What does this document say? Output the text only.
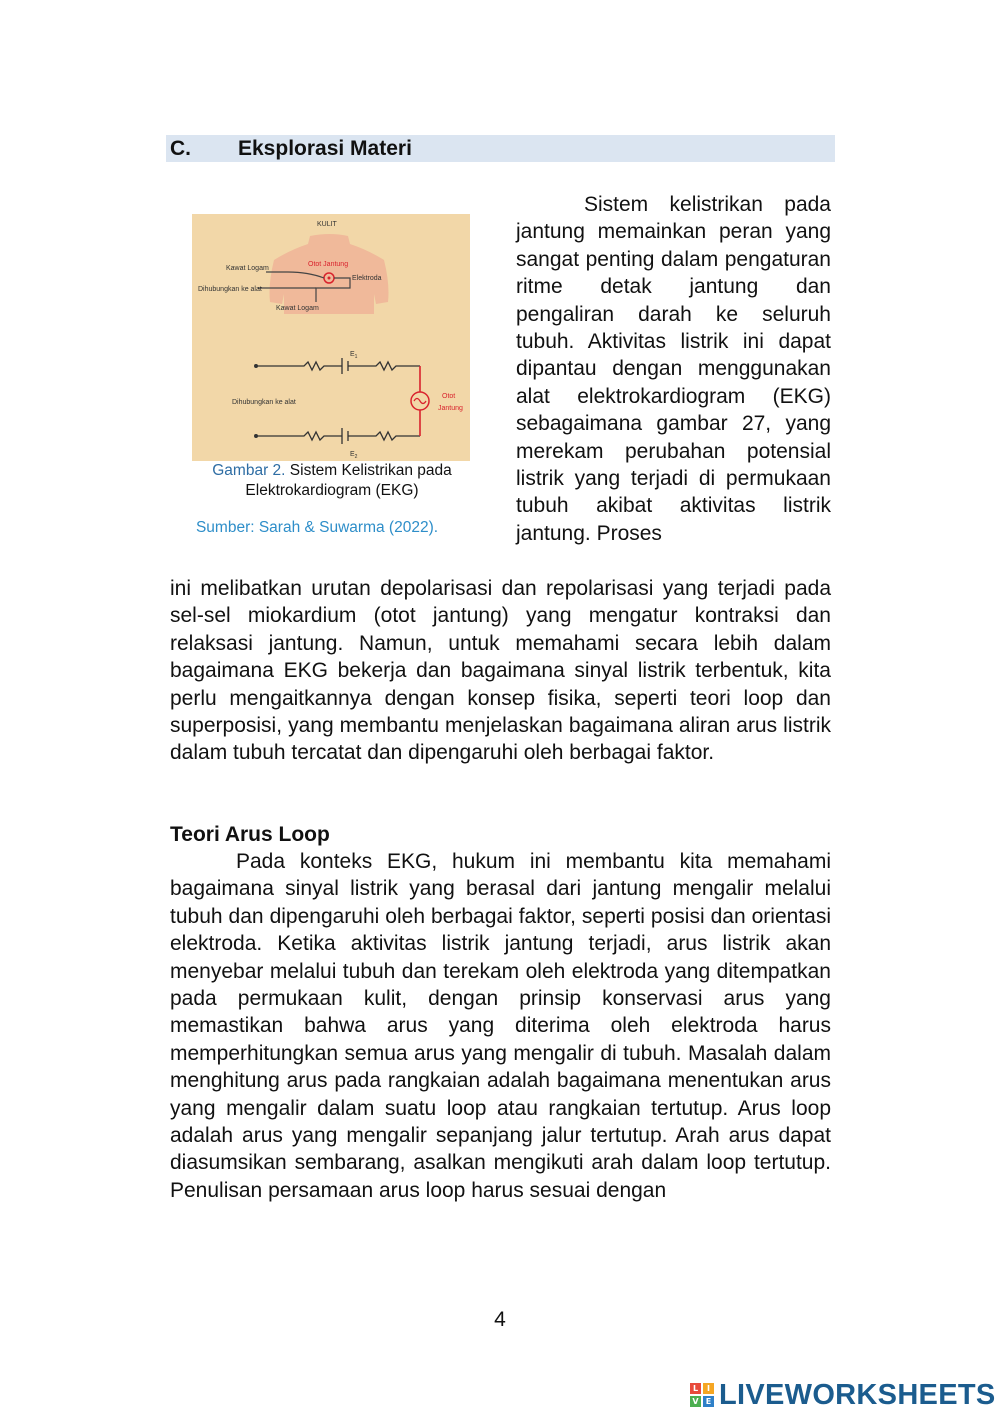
C. Eksplorasi Materi
KULIT
Kawat Logam
Otot Jantung
Elektroda
Dihubungkan ke alat
Kawat Logam
$E_1$
Dihubungkan ke alat
Otot
Jantung
$E_2$
Gambar 2. Sistem Kelistrikan pada Elektrokardiogram (EKG)
Sumber: Sarah & Suwarma (2022).

Sistem kelistrikan pada jantung memainkan peran yang sangat penting dalam pengaturan ritme detak jantung dan pengaliran darah ke seluruh tubuh. Aktivitas listrik ini dapat dipantau dengan menggunakan alat elektrokardiogram (EKG) sebagaimana gambar 27, yang merekam perubahan potensial listrik yang terjadi di permukaan tubuh akibat aktivitas listrik jantung. Proses

ini melibatkan urutan depolarisasi dan repolarisasi yang terjadi pada sel-sel miokardium (otot jantung) yang mengatur kontraksi dan relaksasi jantung. Namun, untuk memahami secara lebih dalam bagaimana EKG bekerja dan bagaimana sinyal listrik terbentuk, kita perlu mengaitkannya dengan konsep fisika, seperti teori loop dan superposisi, yang membantu menjelaskan bagaimana aliran arus listrik dalam tubuh tercatat dan dipengaruhi oleh berbagai faktor.

Teori Arus Loop

Pada konteks EKG, hukum ini membantu kita memahami bagaimana sinyal listrik yang berasal dari jantung mengalir melalui tubuh dan dipengaruhi oleh berbagai faktor, seperti posisi dan orientasi elektroda. Ketika aktivitas listrik jantung terjadi, arus listrik akan menyebar melalui tubuh dan terekam oleh elektroda yang ditempatkan pada permukaan kulit, dengan prinsip konservasi arus yang memastikan bahwa arus yang diterima oleh elektroda harus memperhitungkan semua arus yang mengalir di tubuh. Masalah dalam menghitung arus pada rangkaian adalah bagaimana menentukan arus yang mengalir dalam suatu loop atau rangkaian tertutup. Arus loop adalah arus yang mengalir sepanjang jalur tertutup. Arah arus dapat diasumsikan sembarang, asalkan mengikuti arah dalam loop tertutup. Penulisan persamaan arus loop harus sesuai dengan

4
L	I
V E LIVEWORKSHEETS
